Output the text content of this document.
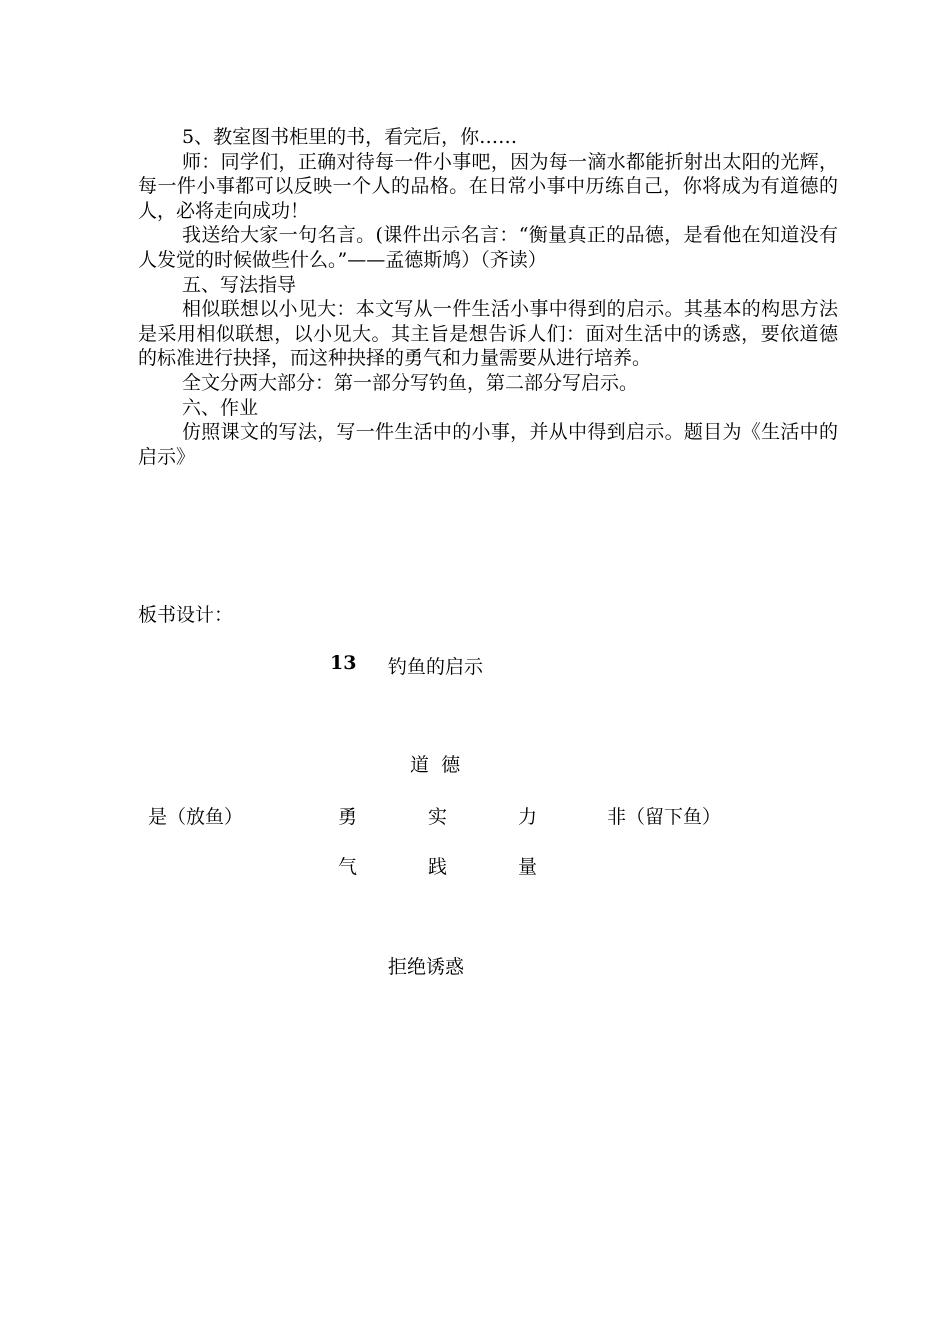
5、教室图书柜里的书，看完后，你……

师：同学们，正确对待每一件小事吧，因为每一滴水都能折射出太阳的光辉，每一件小事都可以反映一个人的品格。在日常小事中历练自己，你将成为有道德的人，必将走向成功！

我送给大家一句名言。(课件出示名言：“衡量真正的品德，是看他在知道没有人发觉的时候做些什么。”——孟德斯鸠）（齐读）

五、写法指导

相似联想以小见大：本文写从一件生活小事中得到的启示。其基本的构思方法是采用相似联想，以小见大。其主旨是想告诉人们：面对生活中的诱惑，要依道德的标准进行抉择，而这种抉择的勇气和力量需要从进行培养。

全文分两大部分：第一部分写钓鱼，第二部分写启示。

六、作业

仿照课文的写法，写一件生活中的小事，并从中得到启示。题目为《生活中的启示》

板书设计：
13 钓鱼的启示
道  德
是（放鱼）	勇	实	力	非（留下鱼）
气	践	量
拒绝诱惑
